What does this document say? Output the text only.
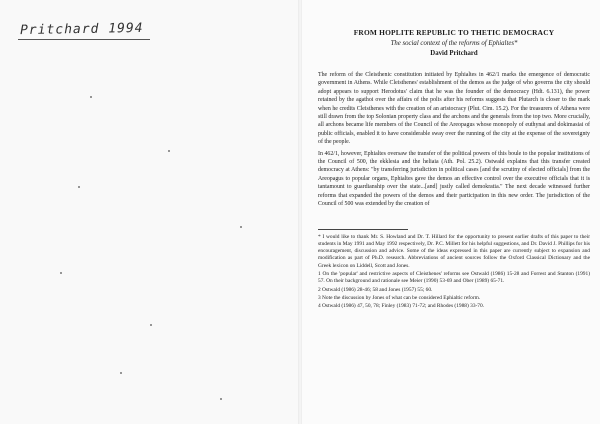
Pritchard 1994	FROM HOPLITE REPUBLIC TO THETIC DEMOCRACY
The social context of the reforms of Ephialtes*
David Pritchard

The reform of the Cleisthenic constitution initiated by Ephialtes in 462/1 marks the emergence of democratic government in Athens. While Cleisthenes' establishment of the demos as the judge of who governs the city should adopt appears to support Herodotus' claim that he was the founder of the democracy (Hdt. 6.131), the power retained by the agathoi over the affairs of the polis after his reforms suggests that Plutarch is closer to the mark when he credits Cleisthenes with the creation of an aristocracy (Plut. Cim. 15.2). For the treasurers of Athena were still drawn from the top Solonian property class and the archons and the generals from the top two. More crucially, all archons became life members of the Council of the Areopagus whose monopoly of euthynai and dokimasiai of public officials, enabled it to have considerable sway over the running of the city at the expense of the sovereignty of the people.

In 462/1, however, Ephialtes oversaw the transfer of the political powers of this boule to the popular institutions of the Council of 500, the ekklesia and the heliaia (Ath. Pol. 25.2). Ostwald explains that this transfer created democracy at Athens: "by transferring jurisdiction in political cases [and the scrutiny of elected officials] from the Areopagus to popular organs, Ephialtes gave the demos an effective control over the executive officials that it is tantamount to guardianship over the state...[and] justly called demokratia." The next decade witnessed further reforms that expanded the powers of the demos and their participation in this new order. The jurisdiction of the Council of 500 was extended by the creation of

* I would like to thank Mr. S. Howland and Dr. T. Hillard for the opportunity to present earlier drafts of this paper to their students in May 1991 and May 1992 respectively, Dr. P.C. Millett for his helpful suggestions, and Dr. David J. Phillips for his encouragement, discussion and advice. Some of the ideas expressed in this paper are currently subject to expansion and modification as part of Ph.D. research. Abbreviations of ancient sources follow the Oxford Classical Dictionary and the Greek lexicon on Liddell, Scott and Jones.

1 On the 'popular' and restrictive aspects of Cleisthenes' reforms see Ostwald (1986) 15-28 and Forrest and Stanton (1991) 57. On their background and rationale see Meier (1990) 53-69 and Ober (1989) 65-71.

2 Ostwald (1986) 28-46; 58 and Jones (1957) 55; 60.

3 Note the discussion by Jones of what can be considered Ephialtic reform.

4 Ostwald (1986) 47, 50, 78; Finley (1983) 71-72; and Rhodes (1988) 33-70.
